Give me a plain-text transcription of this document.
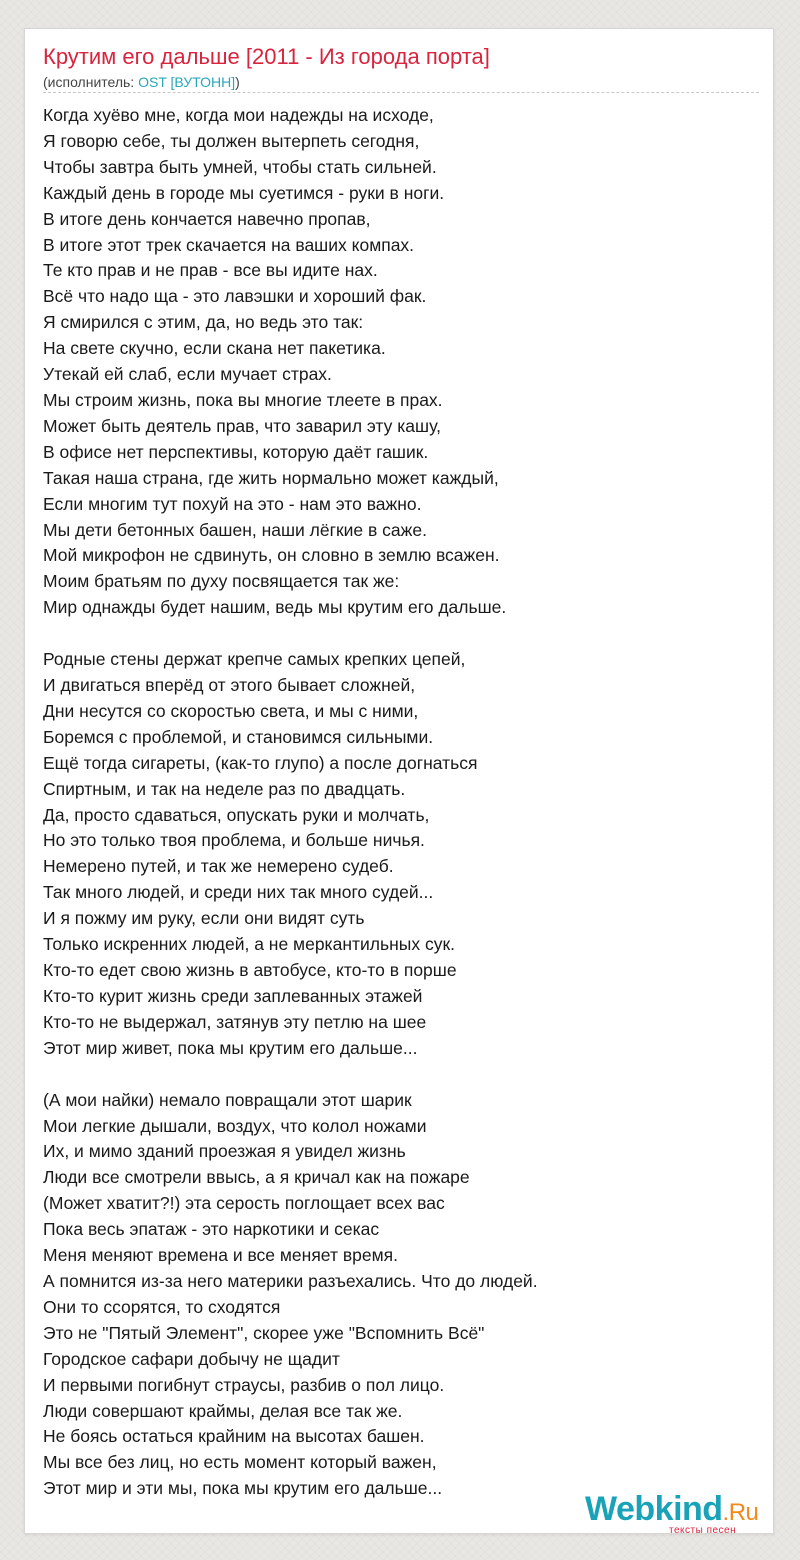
Крутим его дальше [2011 - Из города порта]
(исполнитель: OST [ВУТОНН])
Когда хуёво мне, когда мои надежды на исходе,
Я говорю себе, ты должен вытерпеть сегодня,
Чтобы завтра быть умней, чтобы стать сильней.
Каждый день в городе мы суетимся - руки в ноги.
В итоге день кончается навечно пропав,
В итоге этот трек скачается на ваших компах.
Те кто прав и не прав - все вы идите нах.
Всё что надо ща - это лавэшки и хороший фак.
Я смирился с этим, да, но ведь это так:
На свете скучно, если скана нет пакетика.
Утекай ей слаб, если мучает страх.
Мы строим жизнь, пока вы многие тлеете в прах.
Может быть деятель прав, что заварил эту кашу,
В офисе нет перспективы, которую даёт гашик.
Такая наша страна, где жить нормально может каждый,
Если многим тут похуй на это - нам это важно.
Мы дети бетонных башен, наши лёгкие в саже.
Мой микрофон не сдвинуть, он словно в землю всажен.
Моим братьям по духу посвящается так же:
Мир однажды будет нашим, ведь мы крутим его дальше.
Родные стены держат крепче самых крепких цепей,
И двигаться вперёд от этого бывает сложней,
Дни несутся со скоростью света, и мы с ними,
Боремся с проблемой, и становимся сильными.
Ещё тогда сигареты, (как-то глупо) а после догнаться
Спиртным, и так на неделе раз по двадцать.
Да, просто сдаваться, опускать руки и молчать,
Но это только твоя проблема, и больше ничья.
Немерено путей, и так же немерено судеб.
Так много людей, и среди них так много судей...
И я пожму им руку, если они видят суть
Только искренних людей, а не меркантильных сук.
Кто-то едет свою жизнь в автобусе, кто-то в порше
Кто-то курит жизнь среди заплеванных этажей
Кто-то не выдержал, затянув эту петлю на шее
Этот мир живет, пока мы крутим его дальше...
(А мои найки) немало повращали этот шарик
Мои легкие дышали, воздух, что колол ножами
Их, и мимо зданий проезжая я увидел жизнь
Люди все смотрели ввысь, а я кричал как на пожаре
(Может хватит?!) эта серость поглощает всех вас
Пока весь эпатаж - это наркотики и секас
Меня меняют времена и все меняет время.
А помнится из-за него материки разъехались. Что до людей.
Они то ссорятся, то сходятся
Это не "Пятый Элемент", скорее уже "Вспомнить Всё"
Городское сафари добычу не щадит
И первыми погибнут страусы, разбив о пол лицо.
Люди совершают краймы, делая все так же.
Не боясь остаться крайним на высотах башен.
Мы все без лиц, но есть момент который важен,
Этот мир и эти мы, пока мы крутим его дальше...
Webkind.Ru
тексты песен
